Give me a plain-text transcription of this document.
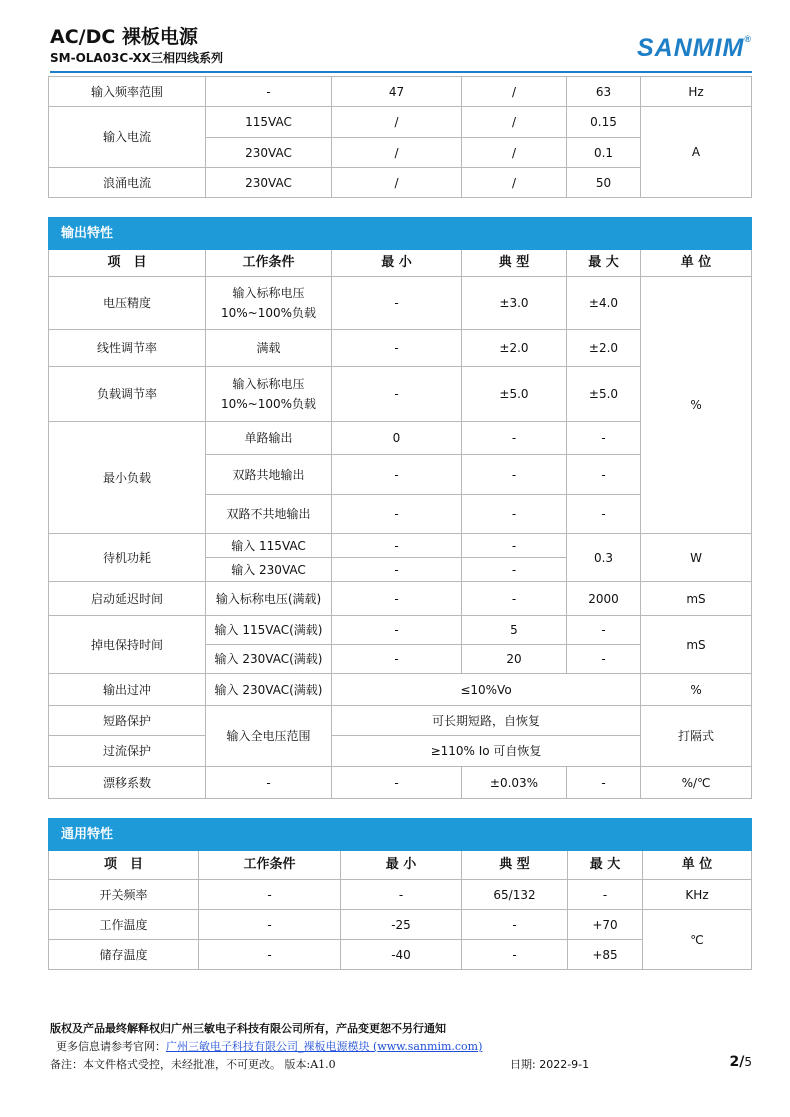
AC/DC 裸板电源
SM-OLA03C-XX三相四线系列	SANMIM®
输入频率范围	-	47	/	63	Hz
输入电流	115VAC	/	/	0.15	A
	230VAC	/	/	0.1	
浪涌电流	230VAC	/	/	50	
输出特性					
项　目	工作条件	最 小	典 型	最 大	单 位
电压精度	输入标称电压
10%~100%负载	-	±3.0	±4.0	%
线性调节率	满载	-	±2.0	±2.0	
负载调节率	输入标称电压
10%~100%负载	-	±5.0	±5.0	
最小负载	单路输出	0	-	-	
	双路共地输出	-	-	-	
	双路不共地输出	-	-	-	
待机功耗	输入 115VAC	-	-	0.3	W
	输入 230VAC	-	-		
启动延迟时间	输入标称电压(满载)	-	-	2000	mS
掉电保持时间	输入 115VAC(满载)	-	5	-	mS
	输入 230VAC(满载)	-	20	-	
输出过冲	输入 230VAC(满载)	≤10%Vo			%
短路保护	输入全电压范围	可长期短路，自恢复			打隔式
过流保护		≥110% Io 可自恢复			
漂移系数	-	-	±0.03%	-	%/℃
通用特性					
项　目	工作条件	最 小	典 型	最 大	单 位
开关频率	-	-	65/132	-	KHz
工作温度	-	-25	-	+70	℃
储存温度	-	-40	-	+85	
版权及产品最终解释权归广州三敏电子科技有限公司所有，产品变更恕不另行通知
更多信息请参考官网：广州三敏电子科技有限公司_裸板电源模块 (www.sanmim.com)
备注：本文件格式受控，未经批准，不可更改。 版本:A1.0	日期: 2022-9-1	2/5
